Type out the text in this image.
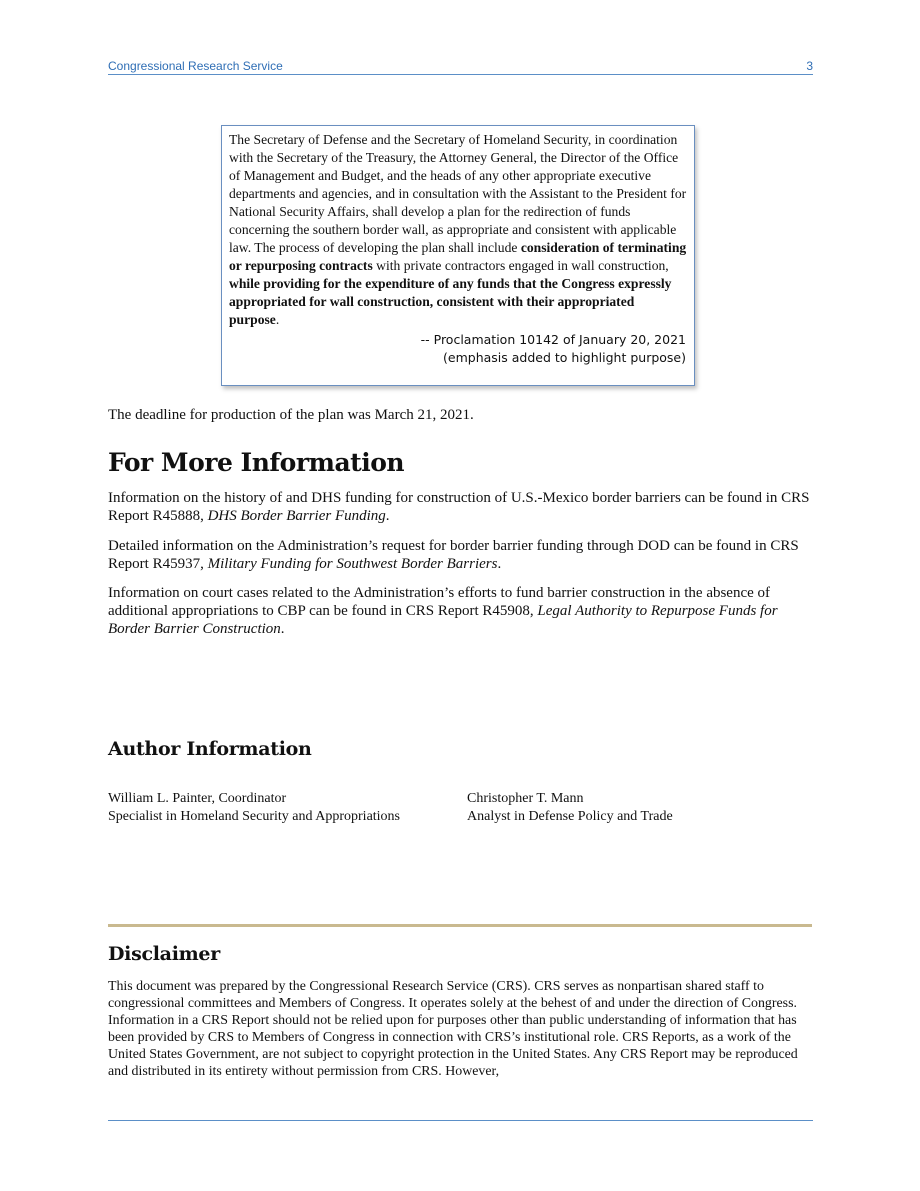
Congressional Research Service	3
The Secretary of Defense and the Secretary of Homeland Security, in coordination with the Secretary of the Treasury, the Attorney General, the Director of the Office of Management and Budget, and the heads of any other appropriate executive departments and agencies, and in consultation with the Assistant to the President for National Security Affairs, shall develop a plan for the redirection of funds concerning the southern border wall, as appropriate and consistent with applicable law. The process of developing the plan shall include consideration of terminating or repurposing contracts with private contractors engaged in wall construction, while providing for the expenditure of any funds that the Congress expressly appropriated for wall construction, consistent with their appropriated purpose.
-- Proclamation 10142 of January 20, 2021
(emphasis added to highlight purpose)

The deadline for production of the plan was March 21, 2021.

For More Information

Information on the history of and DHS funding for construction of U.S.-Mexico border barriers can be found in CRS Report R45888, DHS Border Barrier Funding.

Detailed information on the Administration’s request for border barrier funding through DOD can be found in CRS Report R45937, Military Funding for Southwest Border Barriers.

Information on court cases related to the Administration’s efforts to fund barrier construction in the absence of additional appropriations to CBP can be found in CRS Report R45908, Legal Authority to Repurpose Funds for Border Barrier Construction.

Author Information
William L. Painter, Coordinator
Specialist in Homeland Security and Appropriations
Christopher T. Mann
Analyst in Defense Policy and Trade
Disclaimer

This document was prepared by the Congressional Research Service (CRS). CRS serves as nonpartisan shared staff to congressional committees and Members of Congress. It operates solely at the behest of and under the direction of Congress. Information in a CRS Report should not be relied upon for purposes other than public understanding of information that has been provided by CRS to Members of Congress in connection with CRS’s institutional role. CRS Reports, as a work of the United States Government, are not subject to copyright protection in the United States. Any CRS Report may be reproduced and distributed in its entirety without permission from CRS. However,
